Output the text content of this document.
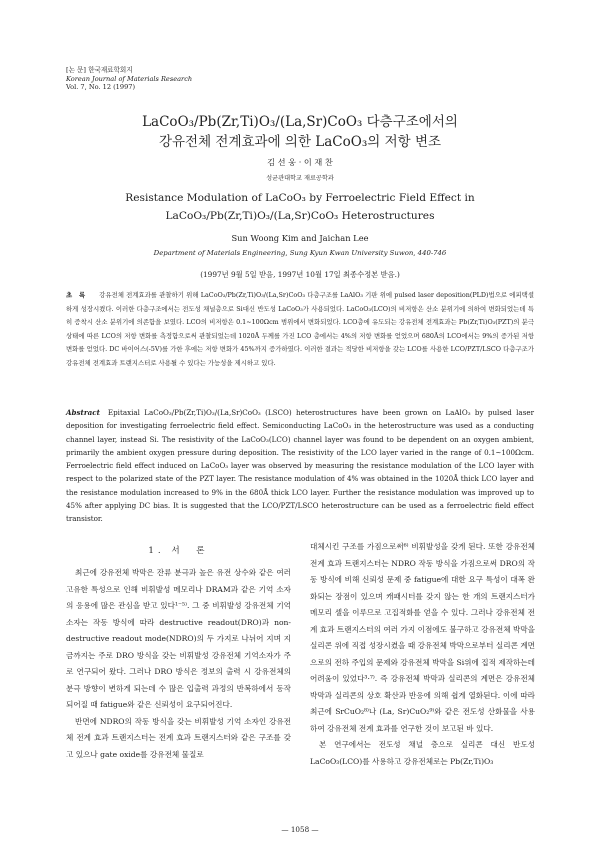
[논 문] 한국재료학회지
Korean Journal of Materials Research
Vol. 7, No. 12 (1997)
LaCoO₃/Pb(Zr,Ti)O₃/(La,Sr)CoO₃ 다층구조에서의
강유전체 전계효과에 의한 LaCoO₃의 저항 변조
김 선 웅 · 이 재 찬
성균관대학교 재료공학과
Resistance Modulation of LaCoO₃ by Ferroelectric Field Effect in
LaCoO₃/Pb(Zr,Ti)O₃/(La,Sr)CoO₃ Heterostructures
Sun Woong Kim and Jaichan Lee
Department of Materials Engineering, Sung Kyun Kwan University Suwon, 440-746
(1997년 9월 5일 받음, 1997년 10월 17일 최종수정본 받음.)
초　록 강유전체 전계효과를 관찰하기 위해 LaCoO₃/Pb(Zr,Ti)O₃/(La,Sr)CoO₃ 다층구조를 LaAlO₃ 기판 위에 pulsed laser deposition(PLD)법으로 에피택셜하게 성장시켰다. 이러한 다층구조에서는 전도성 채널층으로 Si대신 반도성 LaCoO₃가 사용되었다. LaCoO₃(LCO)의 비저항은 산소 분위기에 의하여 변화되었는데 특히 증착시 산소 분위기에 의존함을 보였다. LCO의 비저항은 0.1~100Ωcm 범위에서 변화되었다. LCO층에 유도되는 강유전체 전계효과는 Pb(Zr,Ti)O₃(PZT)의 분극 상태에 따른 LCO의 저항 변화를 측정함으로써 관찰되었는데 1020Å 두께를 가진 LCO 층에서는 4%의 저항 변화를 얻었으며 680Å의 LCO에서는 9%의 증가된 저항 변화를 얻었다. DC 바이어스(-5V)를 가한 후에는 저항 변화가 45%까지 증가하였다. 이러한 결과는 적당한 비저항을 갖는 LCO를 사용한 LCO/PZT/LSCO 다층구조가 강유전체 전계효과 트랜지스터로 사용될 수 있다는 가능성을 제시하고 있다.
Abstract Epitaxial LaCoO₃/Pb(Zr,Ti)O₃/(La,Sr)CoO₃ (LSCO) heterostructures have been grown on LaAlO₃ by pulsed laser deposition for investigating ferroelectric field effect. Semiconducting LaCoO₃ in the heterostructure was used as a conducting channel layer, instead Si. The resistivity of the LaCoO₃(LCO) channel layer was found to be dependent on an oxygen ambient, primarily the ambient oxygen pressure during deposition. The resistivity of the LCO layer varied in the range of 0.1~100Ωcm. Ferroelectric field effect induced on LaCoO₃ layer was observed by measuring the resistance modulation of the LCO layer with respect to the polarized state of the PZT layer. The resistance modulation of 4% was obtained in the 1020Å thick LCO layer and the resistance modulation increased to 9% in the 680Å thick LCO layer. Further the resistance modulation was improved up to 45% after applying DC bias. It is suggested that the LCO/PZT/LSCO heterostructure can be used as a ferroelectric field effect transistor.
1. 서　론

최근에 강유전체 박막은 잔류 분극과 높은 유전 상수와 같은 여러 고유한 특성으로 인해 비휘발성 메모리나 DRAM과 같은 기억 소자의 응용에 많은 관심을 받고 있다¹⁻⁵⁾. 그 중 비휘발성 강유전체 기억 소자는 작동 방식에 따라 destructive readout(DRO)과 non-destructive readout mode(NDRO)의 두 가지로 나뉘어 지며 지금까지는 주로 DRO 방식을 갖는 비휘발성 강유전체 기억소자가 주로 연구되어 왔다. 그러나 DRO 방식은 정보의 출력 시 강유전체의 분극 방향이 변하게 되는데 수 많은 입출력 과정의 반복하에서 동작되어질 때 fatigue와 같은 신뢰성이 요구되어진다.

반면에 NDRO의 작동 방식을 갖는 비휘발성 기억 소자인 강유전체 전계 효과 트랜지스터는 전계 효과 트랜지스터와 같은 구조를 갖고 있으나 gate oxide를 강유전체 물질로

대체시킨 구조를 가짐으로써⁶⁾ 비휘발성을 갖게 된다. 또한 강유전체 전계 효과 트랜지스터는 NDRO 작동 방식을 가짐으로써 DRO의 작동 방식에 비해 신뢰성 문제 중 fatigue에 대한 요구 특성이 대폭 완화되는 장점이 있으며 캐패시터를 갖지 않는 한 개의 트랜지스터가 메모리 셀을 이루므로 고집적화를 얻을 수 있다. 그러나 강유전체 전계 효과 트랜지스터의 여러 가지 이점에도 불구하고 강유전체 박막을 실리콘 위에 직접 성장시켰을 때 강유전체 박막으로부터 실리콘 계면으로의 전하 주입의 문제와 강유전체 박막을 Si위에 집적 제작하는데 어려움이 있었다³·⁷⁾. 즉 강유전체 박막과 실리콘의 계면은 강유전체 박막과 실리콘의 상호 확산과 반응에 의해 쉽게 열화된다. 이에 따라 최근에 SrCuO₂⁸⁾나 (La, Sr)CuO₂⁹⁾와 같은 전도성 산화물을 사용하여 강유전체 전계 효과를 연구한 것이 보고된 바 있다.

본 연구에서는 전도성 채널 층으로 실리콘 대신 반도성 LaCoO₃(LCO)를 사용하고 강유전체로는 Pb(Zr,Ti)O₃

— 1058 —
